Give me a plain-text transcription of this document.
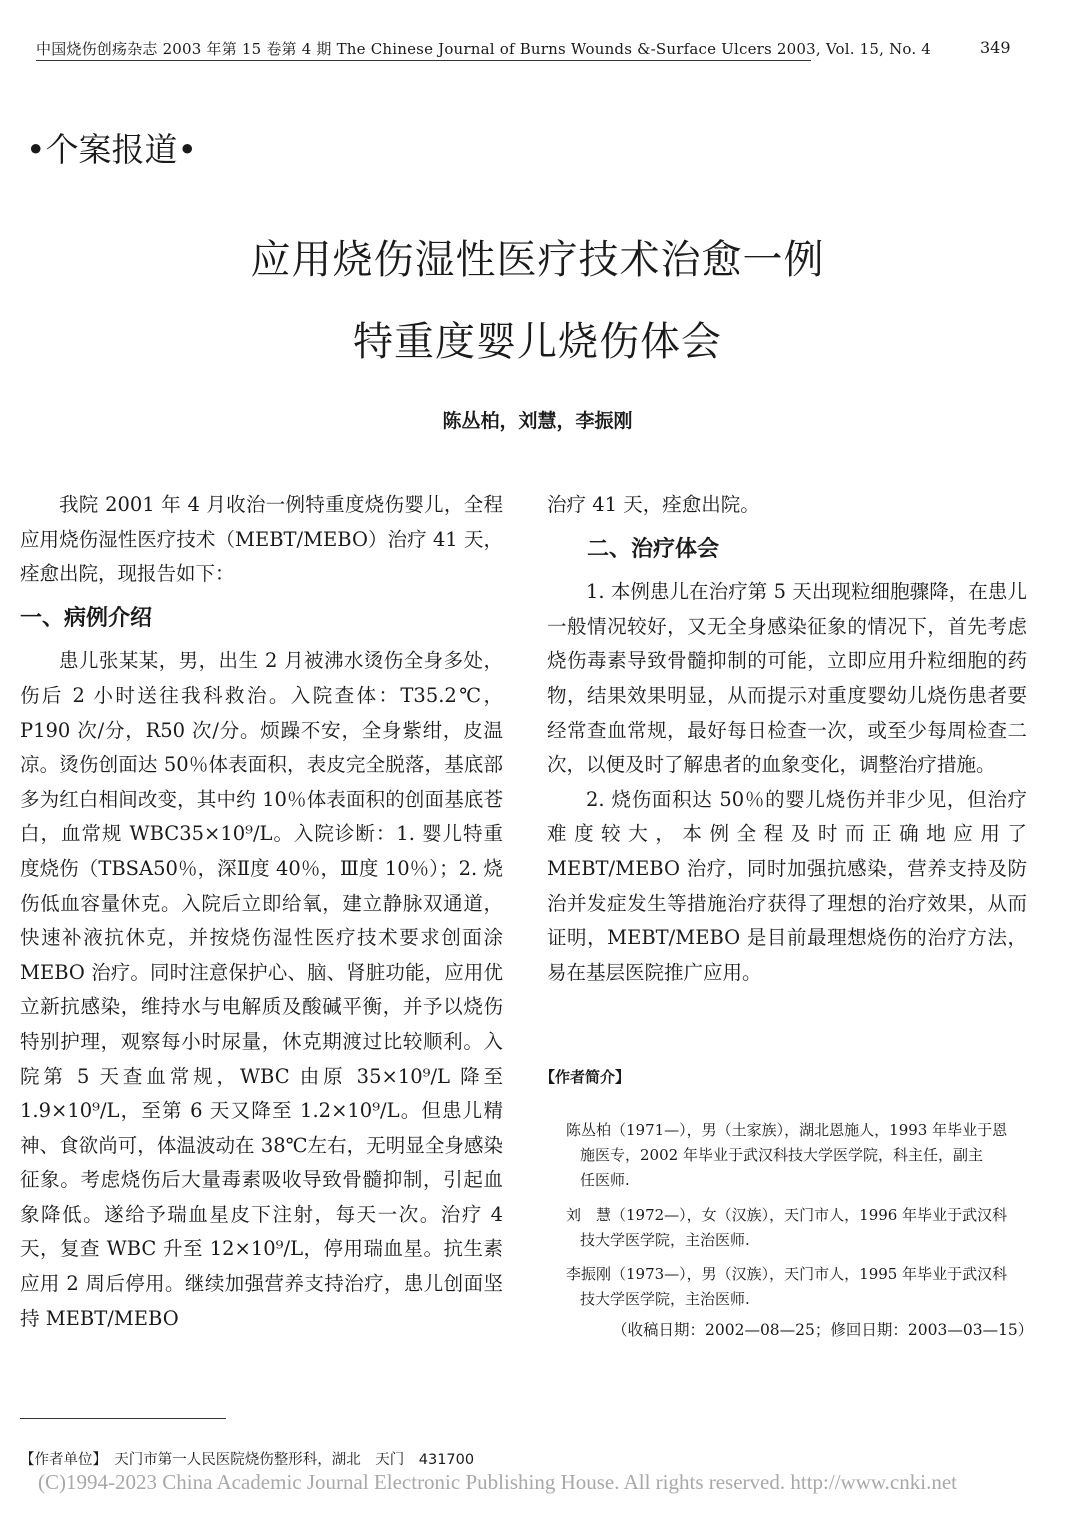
中国烧伤创疡杂志 2003 年第 15 卷第 4 期 The Chinese Journal of Burns Wounds &-Surface Ulcers 2003, Vol. 15, No. 4	349
•个案报道•
应用烧伤湿性医疗技术治愈一例
特重度婴儿烧伤体会
陈丛柏，刘慧，李振刚

我院 2001 年 4 月收治一例特重度烧伤婴儿，全程应用烧伤湿性医疗技术（MEBT/MEBO）治疗 41 天，痊愈出院，现报告如下：

一、病例介绍

患儿张某某，男，出生 2 月被沸水烫伤全身多处，伤后 2 小时送往我科救治。入院查体：T35.2℃，P190 次/分，R50 次/分。烦躁不安，全身紫绀，皮温凉。烫伤创面达 50％体表面积，表皮完全脱落，基底部多为红白相间改变，其中约 10％体表面积的创面基底苍白，血常规 WBC35×10⁹/L。入院诊断：1. 婴儿特重度烧伤（TBSA50％，深Ⅱ度 40％，Ⅲ度 10％）；2. 烧伤低血容量休克。入院后立即给氧，建立静脉双通道，快速补液抗休克，并按烧伤湿性医疗技术要求创面涂 MEBO 治疗。同时注意保护心、脑、肾脏功能，应用优立新抗感染，维持水与电解质及酸碱平衡，并予以烧伤特别护理，观察每小时尿量，休克期渡过比较顺利。入院第 5 天查血常规，WBC 由原 35×10⁹/L 降至 1.9×10⁹/L，至第 6 天又降至 1.2×10⁹/L。但患儿精神、食欲尚可，体温波动在 38℃左右，无明显全身感染征象。考虑烧伤后大量毒素吸收导致骨髓抑制，引起血象降低。遂给予瑞血星皮下注射，每天一次。治疗 4 天，复查 WBC 升至 12×10⁹/L，停用瑞血星。抗生素应用 2 周后停用。继续加强营养支持治疗，患儿创面坚持 MEBT/MEBO

治疗 41 天，痊愈出院。

二、治疗体会

1. 本例患儿在治疗第 5 天出现粒细胞骤降，在患儿一般情况较好，又无全身感染征象的情况下，首先考虑烧伤毒素导致骨髓抑制的可能，立即应用升粒细胞的药物，结果效果明显，从而提示对重度婴幼儿烧伤患者要经常查血常规，最好每日检查一次，或至少每周检查二次，以便及时了解患者的血象变化，调整治疗措施。

2. 烧伤面积达 50％的婴儿烧伤并非少见，但治疗难度较大，本例全程及时而正确地应用了 MEBT/MEBO 治疗，同时加强抗感染，营养支持及防治并发症发生等措施治疗获得了理想的治疗效果，从而证明，MEBT/MEBO 是目前最理想烧伤的治疗方法，易在基层医院推广应用。

【作者简介】
陈丛柏（1971—），男（土家族），湖北恩施人，1993 年毕业于恩
施医专，2002 年毕业于武汉科技大学医学院，科主任，副主
任医师.
刘　慧（1972—），女（汉族），天门市人，1996 年毕业于武汉科
技大学医学院，主治医师.
李振刚（1973—），男（汉族），天门市人，1995 年毕业于武汉科
技大学医学院，主治医师.
（收稿日期：2002—08—25；修回日期：2003—03—15）
【作者单位】　天门市第一人民医院烧伤整形科，湖北　天门　431700
(C)1994-2023 China Academic Journal Electronic Publishing House. All rights reserved. http://www.cnki.net
